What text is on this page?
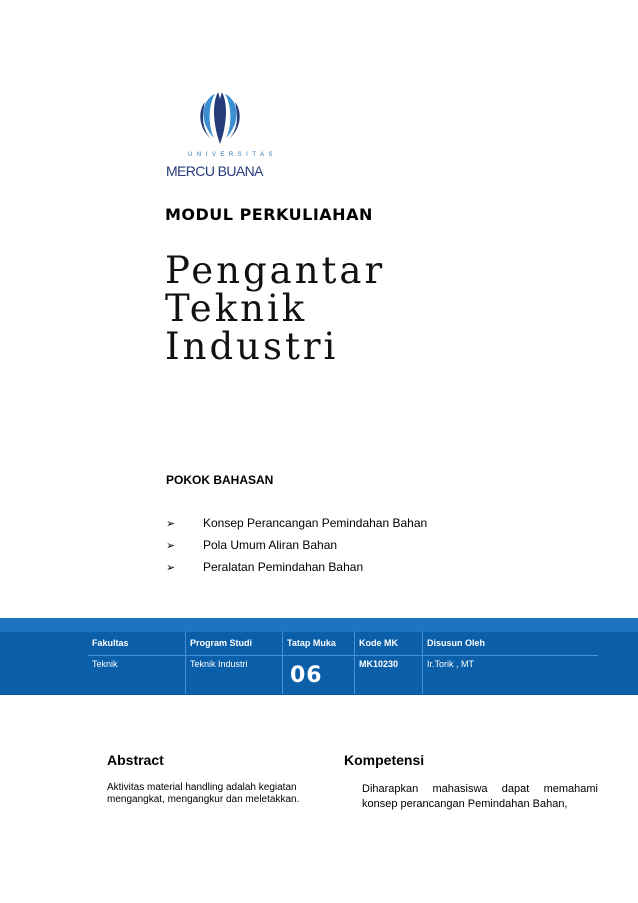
UNIVERSITAS
MERCU BUANA
MODUL PERKULIAHAN
Pengantar
Teknik
Industri
POKOK BAHASAN
➢	Konsep Perancangan Pemindahan Bahan
➢	Pola Umum Aliran Bahan
➢	Peralatan Pemindahan Bahan
Fakultas	Program Studi	Tatap Muka	Kode MK	Disusun Oleh
Teknik	Teknik Industri	06	MK10230	Ir.Torik , MT
Abstract
Aktivitas material handling adalah kegiatan mengangkat, mengangkur dan meletakkan.
Kompetensi
Diharapkan mahasiswa dapat memahami konsep perancangan Pemindahan Bahan,
